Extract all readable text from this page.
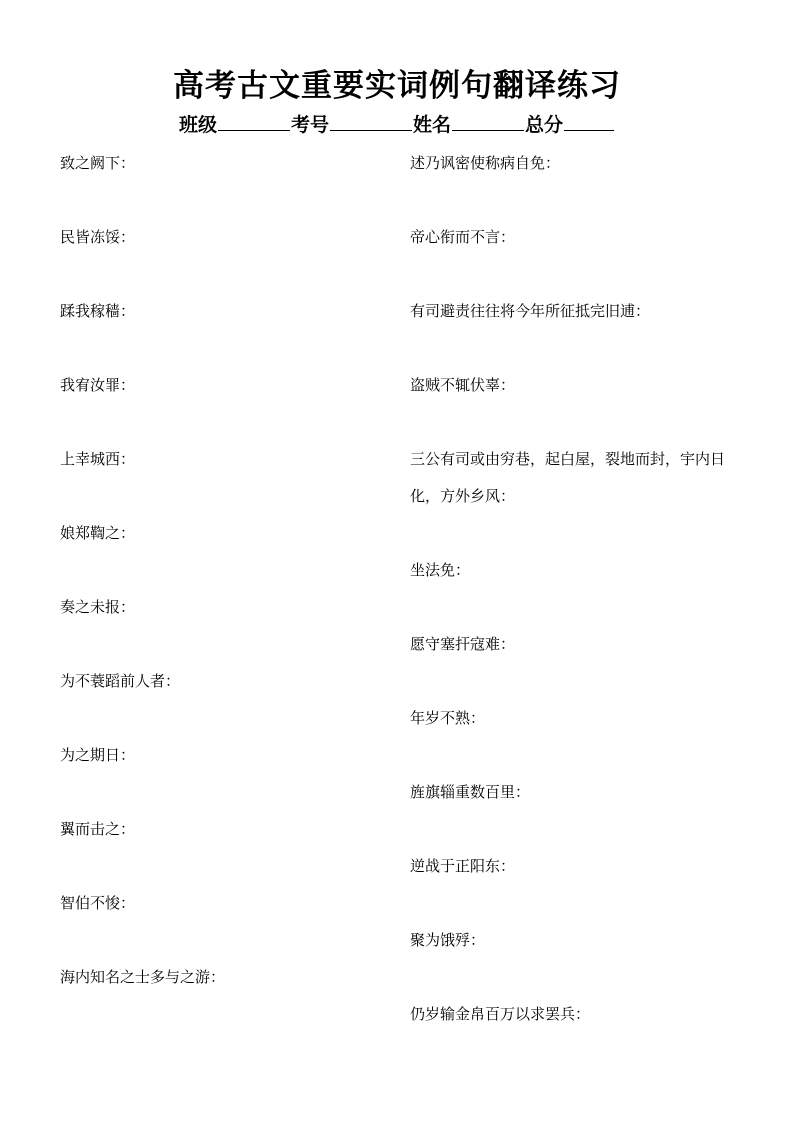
高考古文重要实词例句翻译练习
班级	考号	姓名	总分
致之阙下：
民皆冻馁：
蹂我稼穑：
我宥汝罪：
上幸城西：
娘郑鞫之：
奏之未报：
为不蓑蹈前人者：
为之期日：
翼而击之：
智伯不悛：
海内知名之士多与之游：
述乃讽密使称病自免：
帝心衔而不言：
有司避责往往将今年所征抵完旧逋：
盗贼不辄伏辜：
三公有司或由穷巷，起白屋，裂地而封，宇内日化，方外乡风：
坐法免：
愿守塞扞寇难：
年岁不熟：
旌旗辎重数百里：
逆战于正阳东：
聚为饿殍：
仍岁输金帛百万以求罢兵：
